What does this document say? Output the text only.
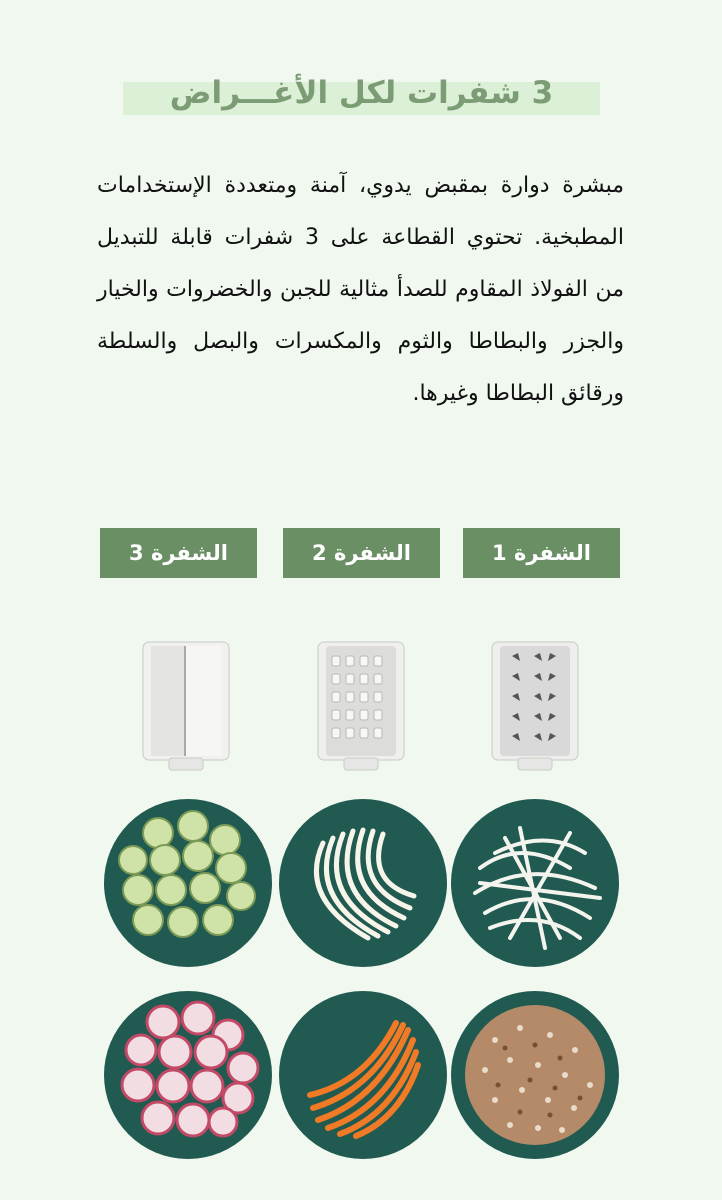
3 شفرات لكل الأغـــراض

مبشرة دوارة بمقبض يدوي، آمنة ومتعددة الإستخدامات المطبخية. تحتوي القطاعة على 3 شفرات قابلة للتبديل من الفولاذ المقاوم للصدأ مثالية للجبن والخضروات والخيار والجزر والبطاطا والثوم والمكسرات والبصل والسلطة ورقائق البطاطا وغيرها.

الشفرة 1
الشفرة 2
الشفرة 3
